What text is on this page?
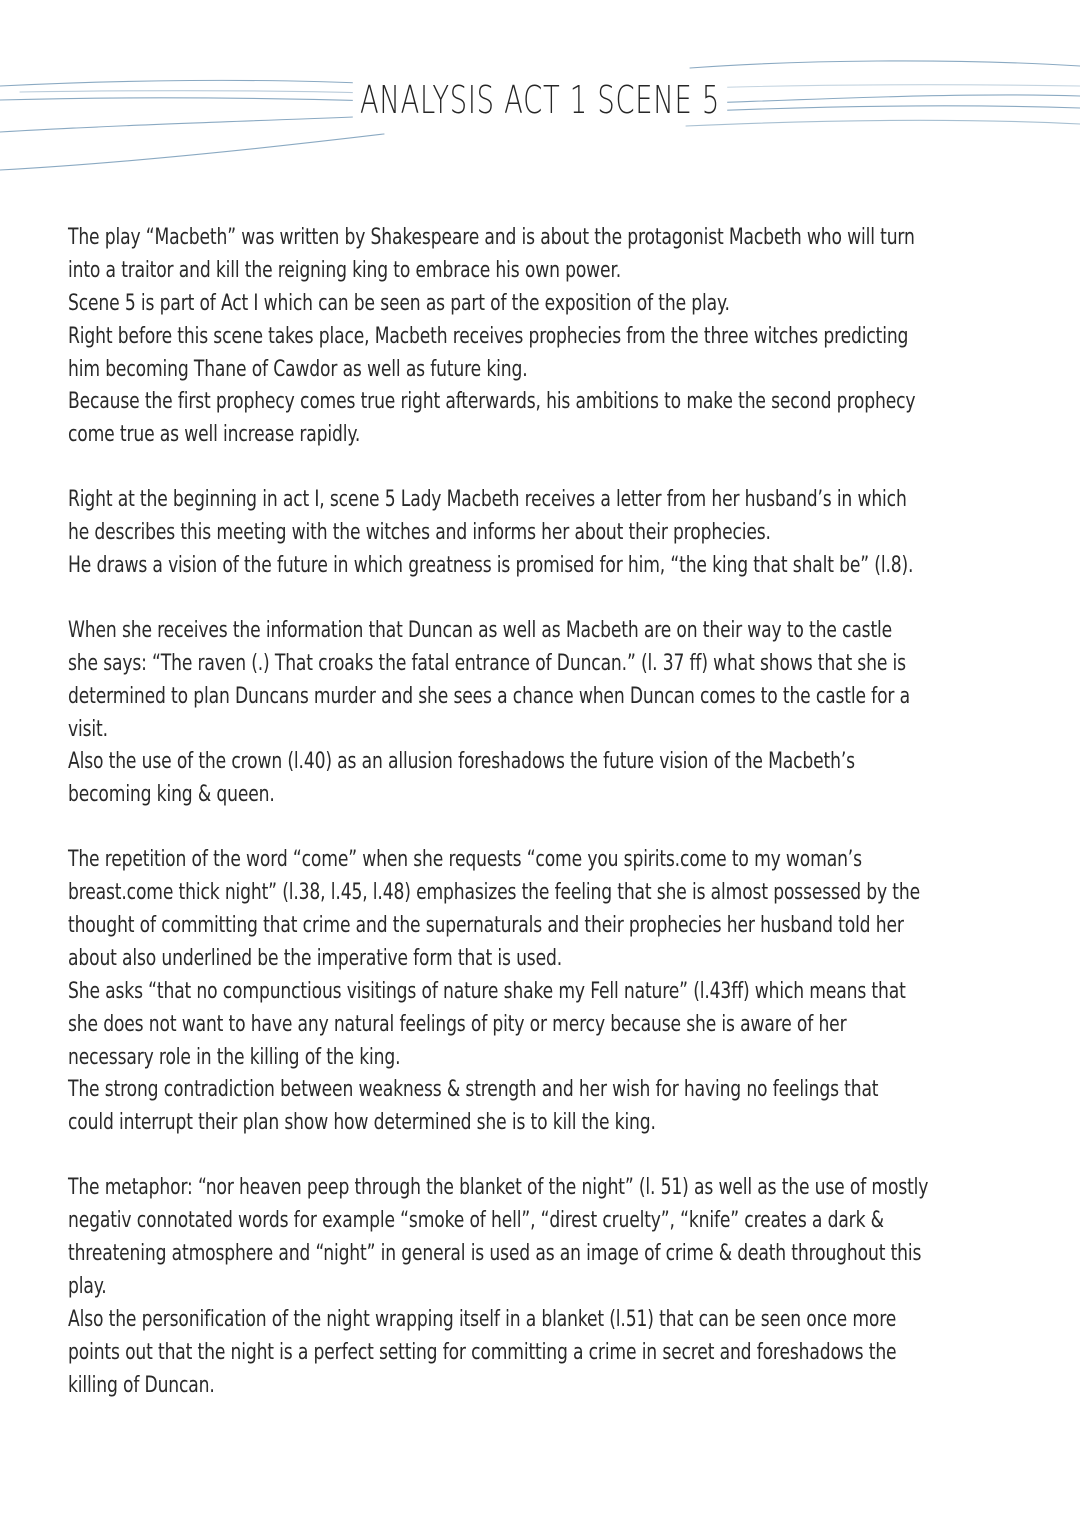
ANALYSIS ACT 1 SCENE 5
The play “Macbeth” was written by Shakespeare and is about the protagonist Macbeth who will turn
into a traitor and kill the reigning king to embrace his own power.
Scene 5 is part of Act I which can be seen as part of the exposition of the play.
Right before this scene takes place, Macbeth receives prophecies from the three witches predicting
him becoming Thane of Cawdor as well as future king.
Because the first prophecy comes true right afterwards, his ambitions to make the second prophecy
come true as well increase rapidly.
Right at the beginning in act I, scene 5 Lady Macbeth receives a letter from her husband’s in which
he describes this meeting with the witches and informs her about their prophecies.
He draws a vision of the future in which greatness is promised for him, “the king that shalt be” (l.8).
When she receives the information that Duncan as well as Macbeth are on their way to the castle
she says: “The raven (.) That croaks the fatal entrance of Duncan.” (l. 37 ff) what shows that she is
determined to plan Duncans murder and she sees a chance when Duncan comes to the castle for a
visit.
Also the use of the crown (l.40) as an allusion foreshadows the future vision of the Macbeth’s
becoming king & queen.
The repetition of the word “come” when she requests “come you spirits.come to my woman’s
breast.come thick night” (l.38, l.45, l.48) emphasizes the feeling that she is almost possessed by the
thought of committing that crime and the supernaturals and their prophecies her husband told her
about also underlined be the imperative form that is used.
She asks “that no compunctious visitings of nature shake my Fell nature” (l.43ff) which means that
she does not want to have any natural feelings of pity or mercy because she is aware of her
necessary role in the killing of the king.
The strong contradiction between weakness & strength and her wish for having no feelings that
could interrupt their plan show how determined she is to kill the king.
The metaphor: “nor heaven peep through the blanket of the night” (l. 51) as well as the use of mostly
negativ connotated words for example “smoke of hell”, “direst cruelty”, “knife” creates a dark &
threatening atmosphere and “night” in general is used as an image of crime & death throughout this
play.
Also the personification of the night wrapping itself in a blanket (l.51) that can be seen once more
points out that the night is a perfect setting for committing a crime in secret and foreshadows the
killing of Duncan.
